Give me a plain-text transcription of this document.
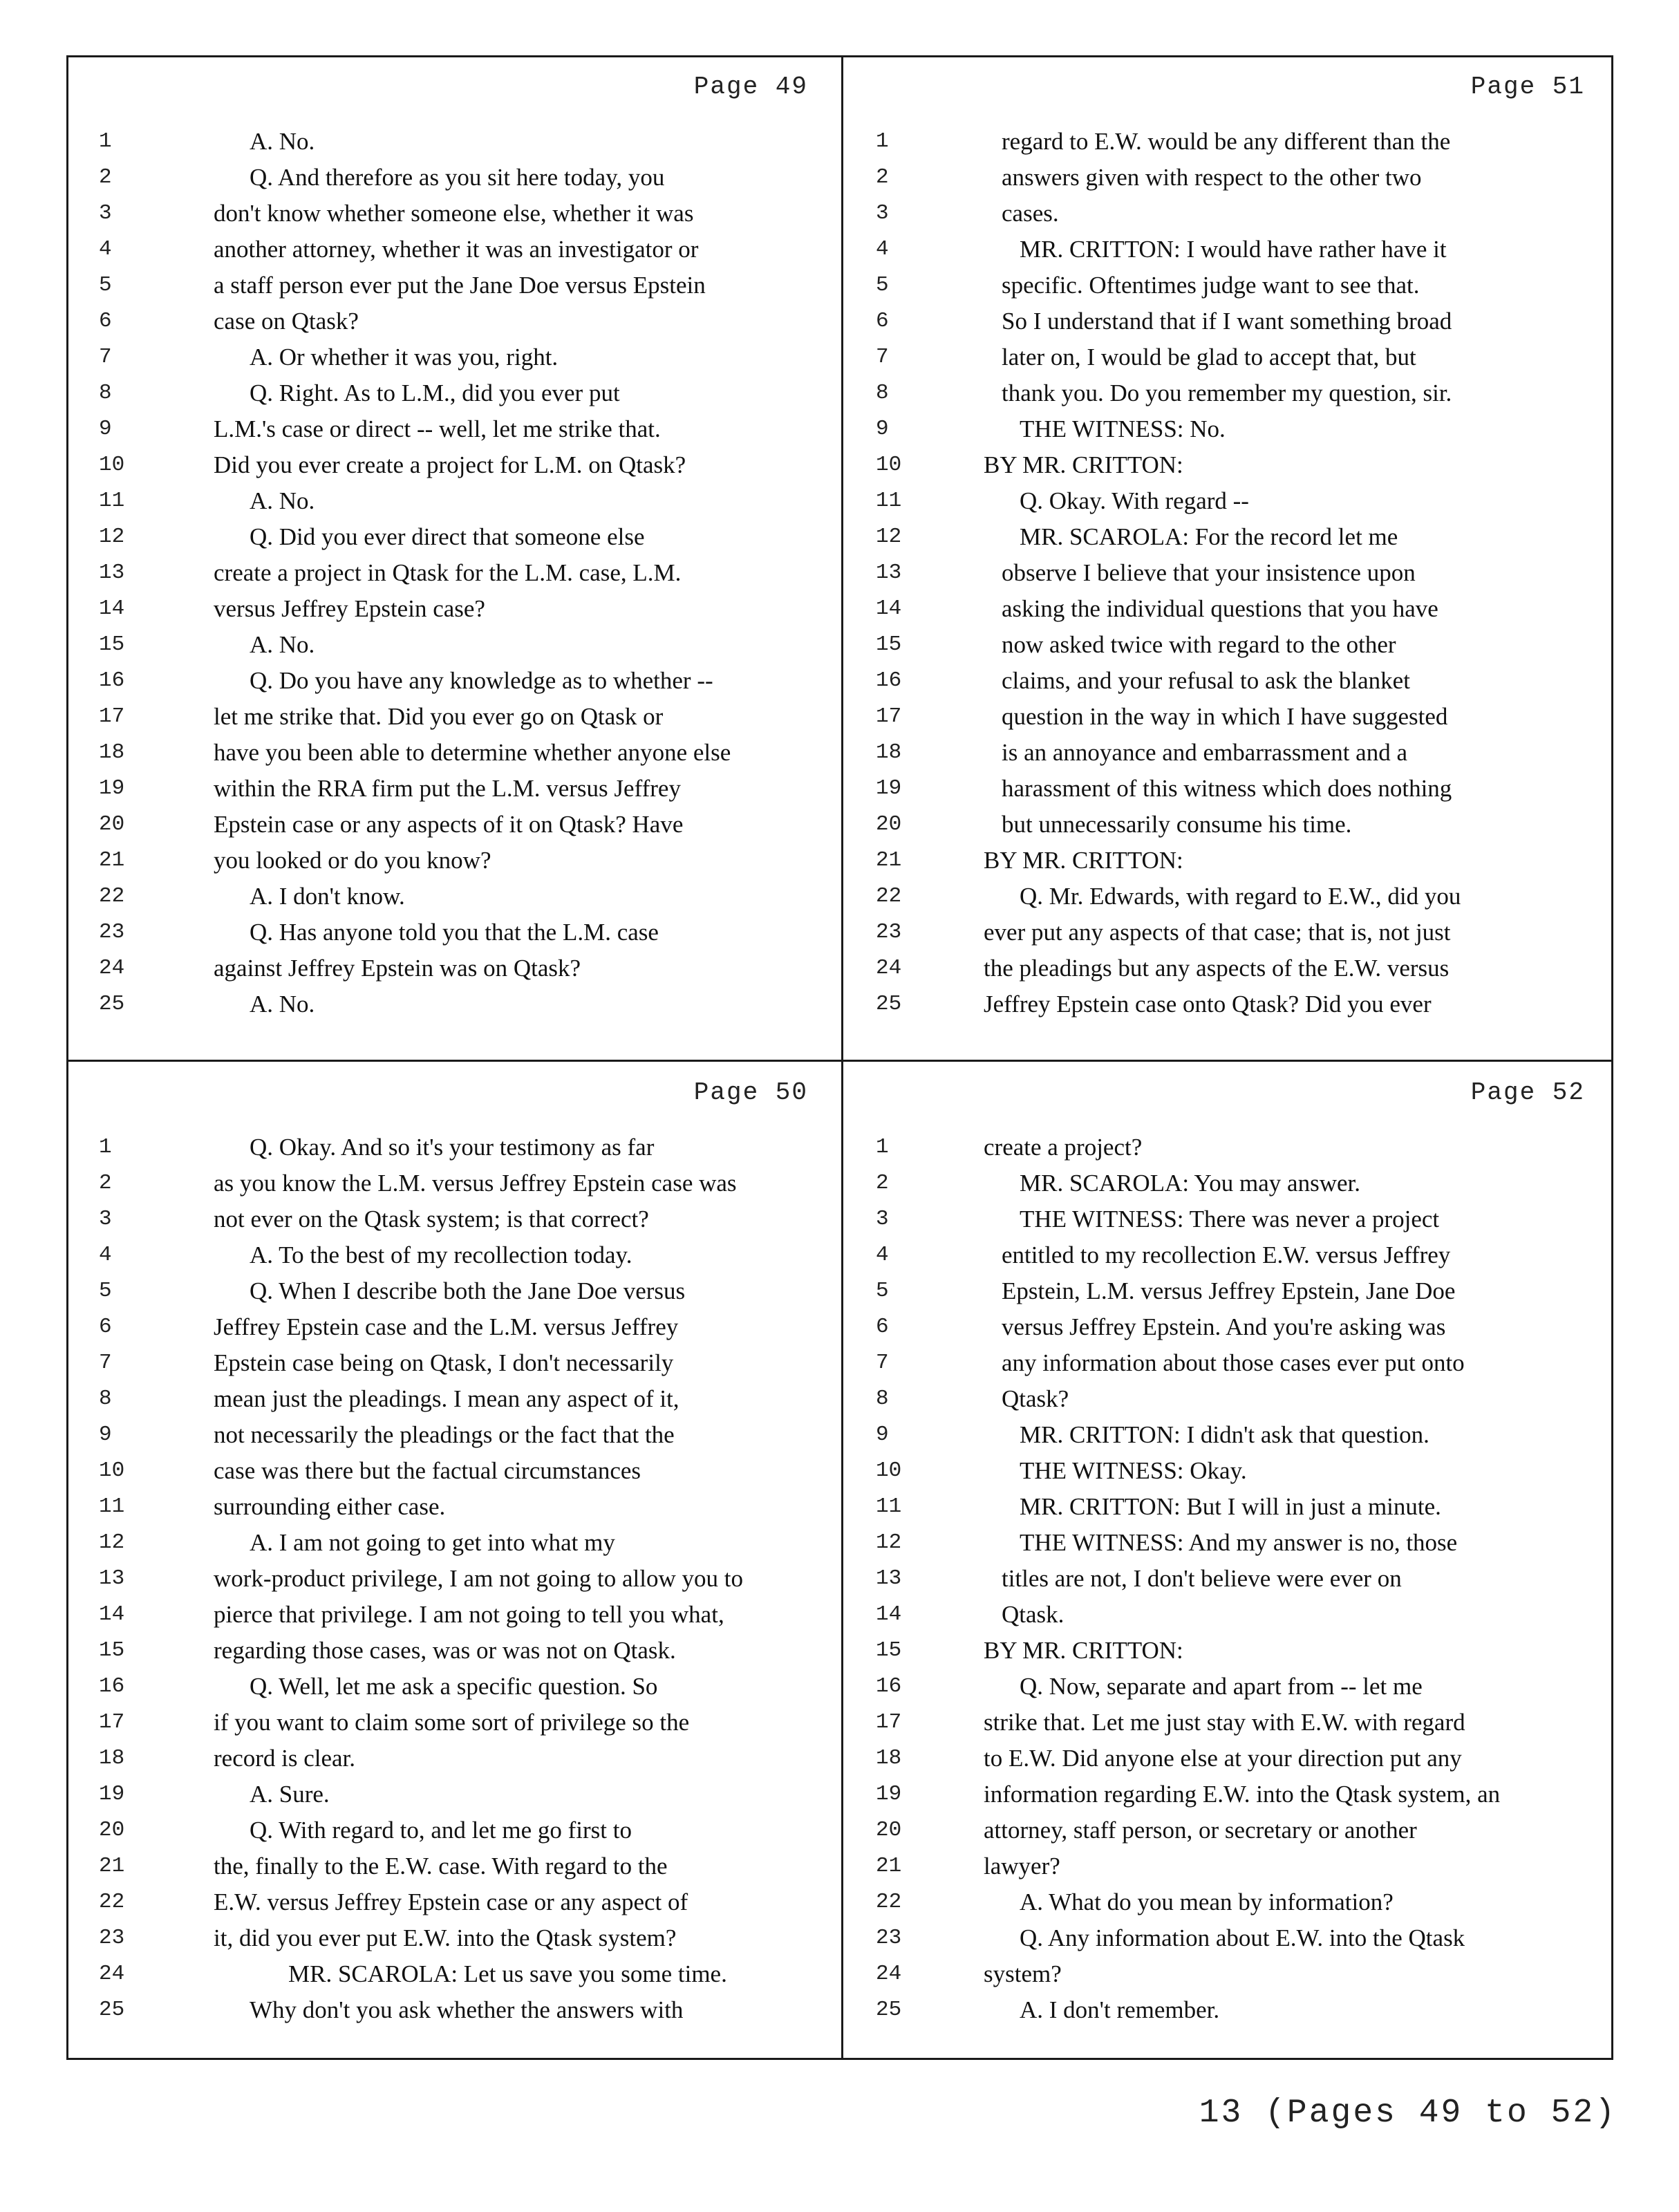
Page 49
1	A. No.
2	Q. And therefore as you sit here today, you
3	don't know whether someone else, whether it was
4	another attorney, whether it was an investigator or
5	a staff person ever put the Jane Doe versus Epstein
6	case on Qtask?
7	A. Or whether it was you, right.
8	Q. Right. As to L.M., did you ever put
9	L.M.'s case or direct -- well, let me strike that.
10	Did you ever create a project for L.M. on Qtask?
11	A. No.
12	Q. Did you ever direct that someone else
13	create a project in Qtask for the L.M. case, L.M.
14	versus Jeffrey Epstein case?
15	A. No.
16	Q. Do you have any knowledge as to whether --
17	let me strike that. Did you ever go on Qtask or
18	have you been able to determine whether anyone else
19	within the RRA firm put the L.M. versus Jeffrey
20	Epstein case or any aspects of it on Qtask? Have
21	you looked or do you know?
22	A. I don't know.
23	Q. Has anyone told you that the L.M. case
24	against Jeffrey Epstein was on Qtask?
25	A. No.
Page 51
1	regard to E.W. would be any different than the
2	answers given with respect to the other two
3	cases.
4	MR. CRITTON: I would have rather have it
5	specific. Oftentimes judge want to see that.
6	So I understand that if I want something broad
7	later on, I would be glad to accept that, but
8	thank you. Do you remember my question, sir.
9	THE WITNESS: No.
10	BY MR. CRITTON:
11	Q. Okay. With regard --
12	MR. SCAROLA: For the record let me
13	observe I believe that your insistence upon
14	asking the individual questions that you have
15	now asked twice with regard to the other
16	claims, and your refusal to ask the blanket
17	question in the way in which I have suggested
18	is an annoyance and embarrassment and a
19	harassment of this witness which does nothing
20	but unnecessarily consume his time.
21	BY MR. CRITTON:
22	Q. Mr. Edwards, with regard to E.W., did you
23	ever put any aspects of that case; that is, not just
24	the pleadings but any aspects of the E.W. versus
25	Jeffrey Epstein case onto Qtask? Did you ever
Page 50
1	Q. Okay. And so it's your testimony as far
2	as you know the L.M. versus Jeffrey Epstein case was
3	not ever on the Qtask system; is that correct?
4	A. To the best of my recollection today.
5	Q. When I describe both the Jane Doe versus
6	Jeffrey Epstein case and the L.M. versus Jeffrey
7	Epstein case being on Qtask, I don't necessarily
8	mean just the pleadings. I mean any aspect of it,
9	not necessarily the pleadings or the fact that the
10	case was there but the factual circumstances
11	surrounding either case.
12	A. I am not going to get into what my
13	work-product privilege, I am not going to allow you to
14	pierce that privilege. I am not going to tell you what,
15	regarding those cases, was or was not on Qtask.
16	Q. Well, let me ask a specific question. So
17	if you want to claim some sort of privilege so the
18	record is clear.
19	A. Sure.
20	Q. With regard to, and let me go first to
21	the, finally to the E.W. case. With regard to the
22	E.W. versus Jeffrey Epstein case or any aspect of
23	it, did you ever put E.W. into the Qtask system?
24	MR. SCAROLA: Let us save you some time.
25	Why don't you ask whether the answers with
Page 52
1	create a project?
2	MR. SCAROLA: You may answer.
3	THE WITNESS: There was never a project
4	entitled to my recollection E.W. versus Jeffrey
5	Epstein, L.M. versus Jeffrey Epstein, Jane Doe
6	versus Jeffrey Epstein. And you're asking was
7	any information about those cases ever put onto
8	Qtask?
9	MR. CRITTON: I didn't ask that question.
10	THE WITNESS: Okay.
11	MR. CRITTON: But I will in just a minute.
12	THE WITNESS: And my answer is no, those
13	titles are not, I don't believe were ever on
14	Qtask.
15	BY MR. CRITTON:
16	Q. Now, separate and apart from -- let me
17	strike that. Let me just stay with E.W. with regard
18	to E.W. Did anyone else at your direction put any
19	information regarding E.W. into the Qtask system, an
20	attorney, staff person, or secretary or another
21	lawyer?
22	A. What do you mean by information?
23	Q. Any information about E.W. into the Qtask
24	system?
25	A. I don't remember.
13 (Pages 49 to 52)
